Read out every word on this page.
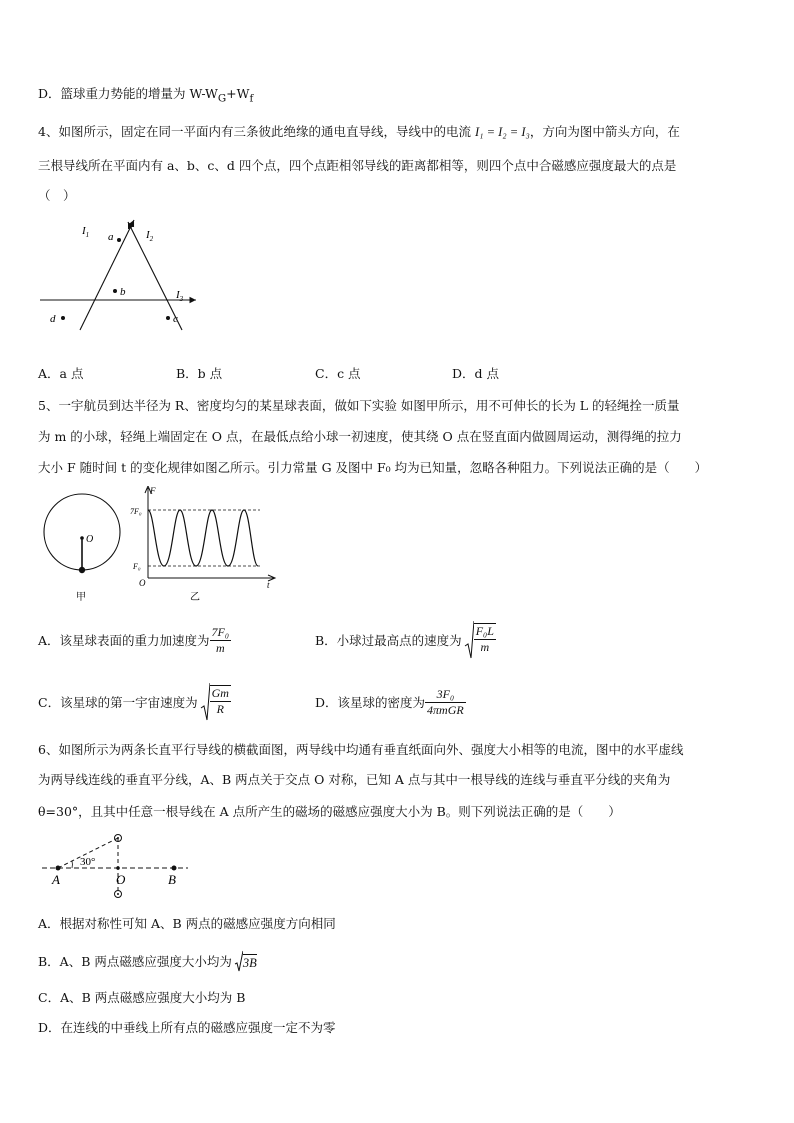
D．篮球重力势能的增量为 $W-W_G+W_f$
4、如图所示，固定在同一平面内有三条彼此绝缘的通电直导线，导线中的电流 I₁ = I₂ = I₃，方向为图中箭头方向，在
三根导线所在平面内有 a、b、c、d 四个点，四个点距相邻导线的距离都相等，则四个点中合磁感应强度最大的点是
（　）
$I_1$	$I_2$
$I_3$
a
b
c
d
A．a 点	B．b 点	C．c 点	D．d 点
5、一宇航员到达半径为 R、密度均匀的某星球表面，做如下实验 如图甲所示，用不可伸长的长为 L 的轻绳拴一质量
为 m 的小球，轻绳上端固定在 O 点，在最低点给小球一初速度，使其绕 O 点在竖直面内做圆周运动，测得绳的拉力
大小 F 随时间 t 的变化规律如图乙所示。引力常量 G 及图中 F₀ 均为已知量，忽略各种阻力。下列说法正确的是（　　）
O
甲
F
7F₀
F₀
O	t
乙
A．该星球表面的重力加速度为 $\frac{\text{7F₀}}{m}$	B．小球过最高点的速度为 $\frac{\text{F₀L}}{m}$
C．该星球的第一宇宙速度为 $\frac{Gm}{R}$	D．该星球的密度为 $\frac{\text{3F₀}}{\text{4πmGR}}$
6、如图所示为两条长直平行导线的横截面图，两导线中均通有垂直纸面向外、强度大小相等的电流，图中的水平虚线
为两导线连线的垂直平分线，A、B 两点关于交点 O 对称，已知 A 点与其中一根导线的连线与垂直平分线的夹角为
θ=30°，且其中任意一根导线在 A 点所产生的磁场的磁感应强度大小为 B。则下列说法正确的是（　　）
30°
A	O	B
A．根据对称性可知 A、B 两点的磁感应强度方向相同
B．A、B 两点磁感应强度大小均为 3B
C．A、B 两点磁感应强度大小均为 B
D．在连线的中垂线上所有点的磁感应强度一定不为零
